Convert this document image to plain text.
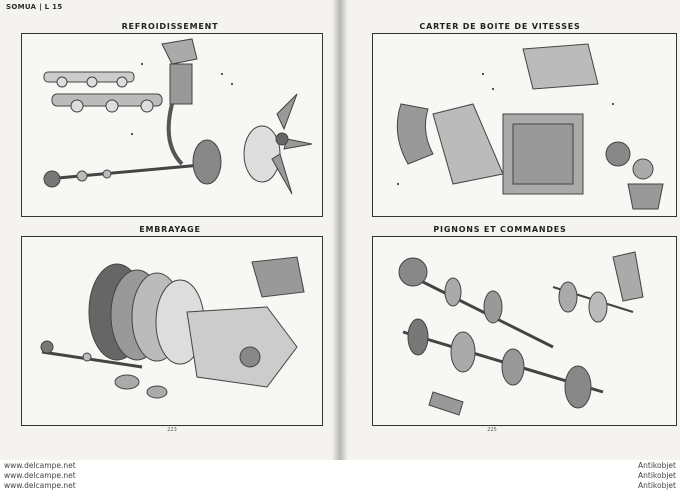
SOMUA | L 15
REFROIDISSEMENT
EMBRAYAGE
223
CARTER DE BOITE DE VITESSES
PIGNONS ET COMMANDES
225
www.delcampe.net
www.delcampe.net
www.delcampe.net
Antikobjet
Antikobjet
Antikobjet
